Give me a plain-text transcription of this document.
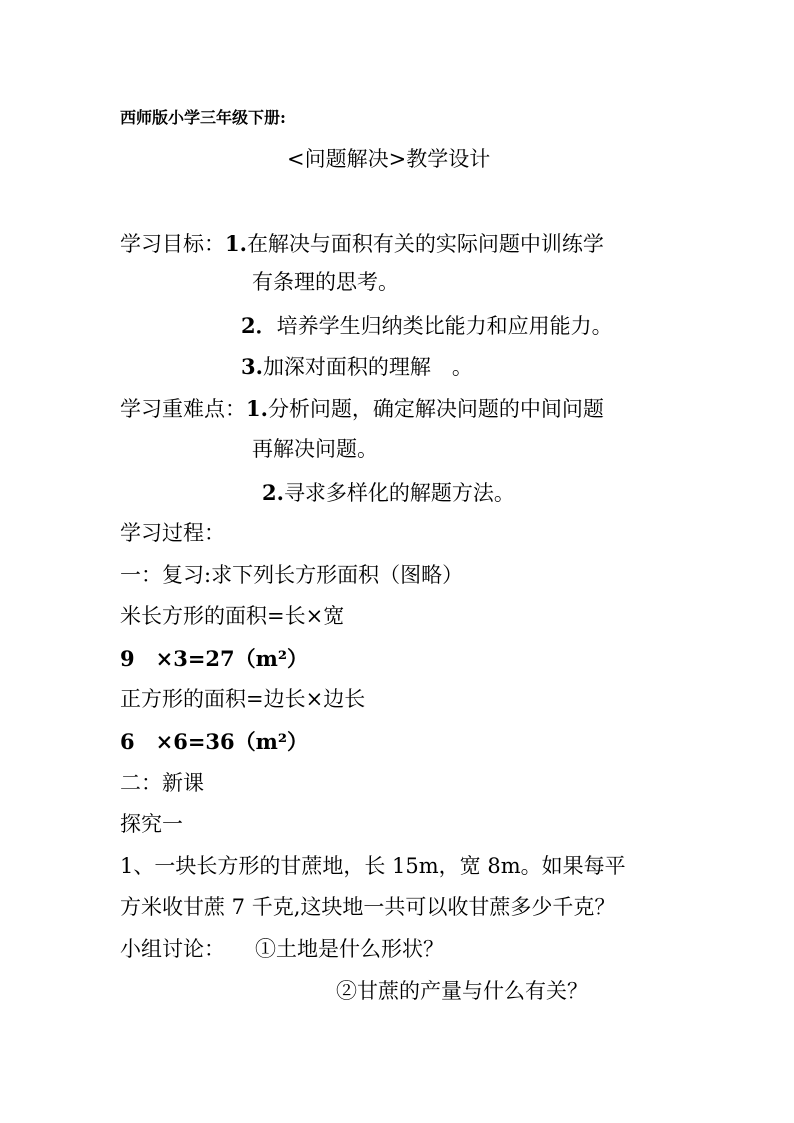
西师版小学三年级下册:
<问题解决>教学设计
学习目标：1.在解决与面积有关的实际问题中训练学
有条理的思考。
2．培养学生归纳类比能力和应用能力。
3.加深对面积的理解　。
学习重难点：1.分析问题，确定解决问题的中间问题
再解决问题。
2.寻求多样化的解题方法。
学习过程：
一：复习:求下列长方形面积（图略）
米长方形的面积=长×宽
9　×3=27（m²）
正方形的面积=边长×边长
6　×6=36（m²）
二：新课
探究一
1、一块长方形的甘蔗地，长 15m，宽 8m。如果每平
方米收甘蔗 7 千克,这块地一共可以收甘蔗多少千克？
小组讨论： ①土地是什么形状？
②甘蔗的产量与什么有关？
